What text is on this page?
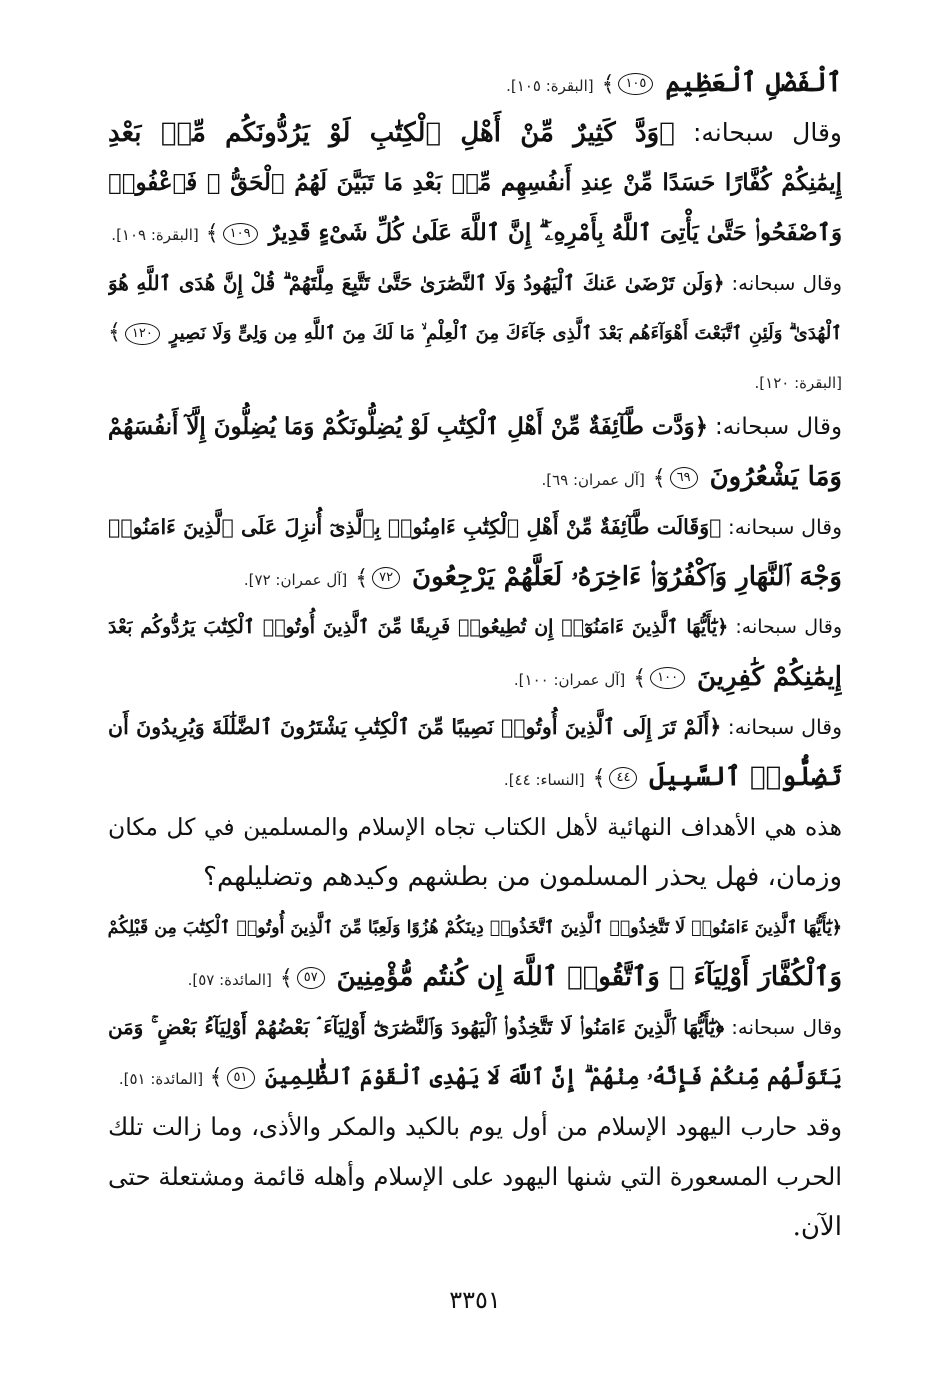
ٱلْفَضْلِ ٱلْعَظِيمِ ١٠٥﴾ [البقرة: ١٠٥].
وقال سبحانه: ﴿وَدَّ كَثِيرٌ مِّنْ أَهْلِ ٱلْكِتَٰبِ لَوْ يَرُدُّونَكُم مِّنۢ بَعْدِ
إِيمَٰنِكُمْ كُفَّارًا حَسَدًا مِّنْ عِندِ أَنفُسِهِم مِّنۢ بَعْدِ مَا تَبَيَّنَ لَهُمُ ٱلْحَقُّ ۖ فَٱعْفُوا۟
وَٱصْفَحُوا۟ حَتَّىٰ يَأْتِىَ ٱللَّهُ بِأَمْرِهِۦٓ ۗ إِنَّ ٱللَّهَ عَلَىٰ كُلِّ شَىْءٍ قَدِيرٌ ١٠٩﴾ [البقرة: ١٠٩].
وقال سبحانه: ﴿وَلَن تَرْضَىٰ عَنكَ ٱلْيَهُودُ وَلَا ٱلنَّصَٰرَىٰ حَتَّىٰ تَتَّبِعَ مِلَّتَهُمْ ۗ قُلْ إِنَّ هُدَى ٱللَّهِ هُوَ
ٱلْهُدَىٰ ۗ وَلَئِنِ ٱتَّبَعْتَ أَهْوَآءَهُم بَعْدَ ٱلَّذِى جَآءَكَ مِنَ ٱلْعِلْمِ ۙ مَا لَكَ مِنَ ٱللَّهِ مِن وَلِىٍّ وَلَا نَصِيرٍ ١٢٠﴾
[البقرة: ١٢٠].
وقال سبحانه: ﴿وَدَّت طَّآئِفَةٌ مِّنْ أَهْلِ ٱلْكِتَٰبِ لَوْ يُضِلُّونَكُمْ وَمَا يُضِلُّونَ إِلَّآ أَنفُسَهُمْ
وَمَا يَشْعُرُونَ ٦٩﴾ [آل عمران: ٦٩].
وقال سبحانه: ﴿وَقَالَت طَّآئِفَةٌ مِّنْ أَهْلِ ٱلْكِتَٰبِ ءَامِنُوا۟ بِٱلَّذِىٓ أُنزِلَ عَلَى ٱلَّذِينَ ءَامَنُوا۟
وَجْهَ ٱلنَّهَارِ وَٱكْفُرُوٓا۟ ءَاخِرَهُۥ لَعَلَّهُمْ يَرْجِعُونَ ٧٢﴾ [آل عمران: ٧٢].
وقال سبحانه: ﴿يَٰٓأَيُّهَا ٱلَّذِينَ ءَامَنُوٓا۟ إِن تُطِيعُوا۟ فَرِيقًا مِّنَ ٱلَّذِينَ أُوتُوا۟ ٱلْكِتَٰبَ يَرُدُّوكُم بَعْدَ
إِيمَٰنِكُمْ كَٰفِرِينَ ١٠٠﴾ [آل عمران: ١٠٠].
وقال سبحانه: ﴿أَلَمْ تَرَ إِلَى ٱلَّذِينَ أُوتُوا۟ نَصِيبًا مِّنَ ٱلْكِتَٰبِ يَشْتَرُونَ ٱلضَّلَٰلَةَ وَيُرِيدُونَ أَن
تَضِلُّوا۟ ٱلسَّبِيلَ ٤٤﴾ [النساء: ٤٤].
هذه هي الأهداف النهائية لأهل الكتاب تجاه الإسلام والمسلمين في كل مكان
وزمان، فهل يحذر المسلمون من بطشهم وكيدهم وتضليلهم؟
﴿يَٰٓأَيُّهَا ٱلَّذِينَ ءَامَنُوا۟ لَا تَتَّخِذُوا۟ ٱلَّذِينَ ٱتَّخَذُوا۟ دِينَكُمْ هُزُوًا وَلَعِبًا مِّنَ ٱلَّذِينَ أُوتُوا۟ ٱلْكِتَٰبَ مِن قَبْلِكُمْ
وَٱلْكُفَّارَ أَوْلِيَآءَ ۚ وَٱتَّقُوا۟ ٱللَّهَ إِن كُنتُم مُّؤْمِنِينَ ٥٧﴾ [المائدة: ٥٧].
وقال سبحانه: ﴿يَٰٓأَيُّهَا ٱلَّذِينَ ءَامَنُوا۟ لَا تَتَّخِذُوا۟ ٱلْيَهُودَ وَٱلنَّصَٰرَىٰٓ أَوْلِيَآءَ ۘ بَعْضُهُمْ أَوْلِيَآءُ بَعْضٍ ۚ وَمَن
يَتَوَلَّهُم مِّنكُمْ فَإِنَّهُۥ مِنْهُمْ ۗ إِنَّ ٱللَّهَ لَا يَهْدِى ٱلْقَوْمَ ٱلظَّٰلِمِينَ ٥١﴾ [المائدة: ٥١].
وقد حارب اليهود الإسلام من أول يوم بالكيد والمكر والأذى، وما زالت تلك
الحرب المسعورة التي شنها اليهود على الإسلام وأهله قائمة ومشتعلة حتى
الآن.
٣٣٥١
